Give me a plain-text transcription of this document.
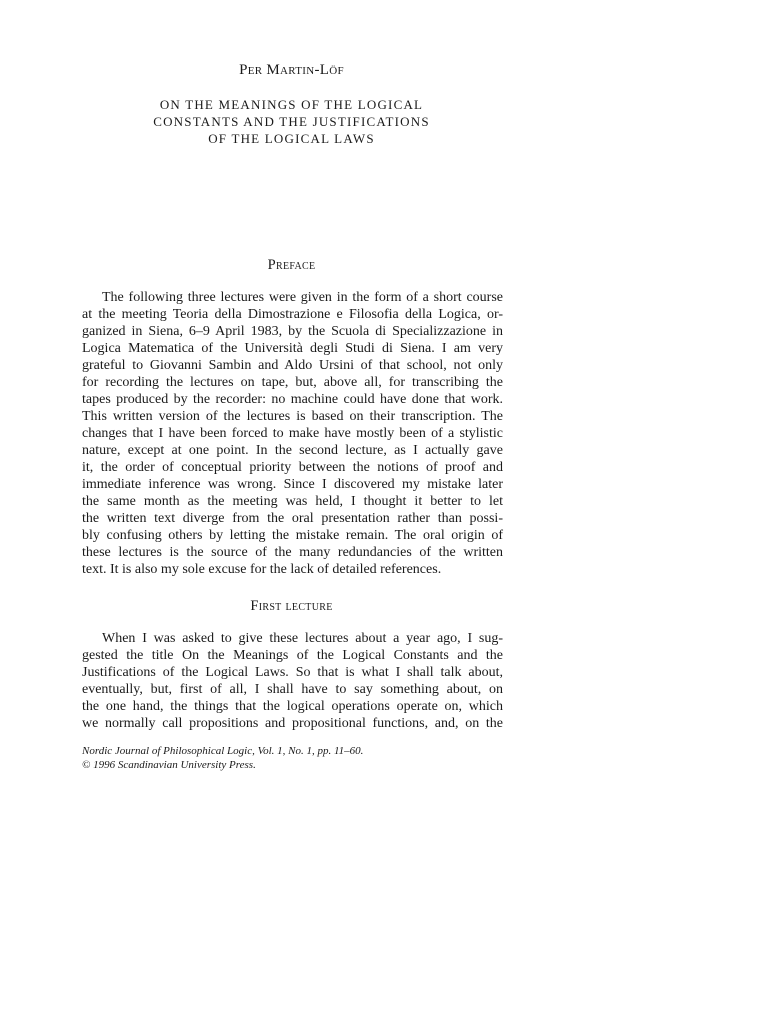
Per Martin-Löf
ON THE MEANINGS OF THE LOGICAL
CONSTANTS AND THE JUSTIFICATIONS
OF THE LOGICAL LAWS
Preface
The following three lectures were given in the form of a short course
at the meeting Teoria della Dimostrazione e Filosofia della Logica, or-
ganized in Siena, 6–9 April 1983, by the Scuola di Specializzazione in
Logica Matematica of the Università degli Studi di Siena. I am very
grateful to Giovanni Sambin and Aldo Ursini of that school, not only
for recording the lectures on tape, but, above all, for transcribing the
tapes produced by the recorder: no machine could have done that work.
This written version of the lectures is based on their transcription. The
changes that I have been forced to make have mostly been of a stylistic
nature, except at one point. In the second lecture, as I actually gave
it, the order of conceptual priority between the notions of proof and
immediate inference was wrong. Since I discovered my mistake later
the same month as the meeting was held, I thought it better to let
the written text diverge from the oral presentation rather than possi-
bly confusing others by letting the mistake remain. The oral origin of
these lectures is the source of the many redundancies of the written
text. It is also my sole excuse for the lack of detailed references.
First lecture
When I was asked to give these lectures about a year ago, I sug-
gested the title On the Meanings of the Logical Constants and the
Justifications of the Logical Laws. So that is what I shall talk about,
eventually, but, first of all, I shall have to say something about, on
the one hand, the things that the logical operations operate on, which
we normally call propositions and propositional functions, and, on the
Nordic Journal of Philosophical Logic, Vol. 1, No. 1, pp. 11–60.
© 1996 Scandinavian University Press.
